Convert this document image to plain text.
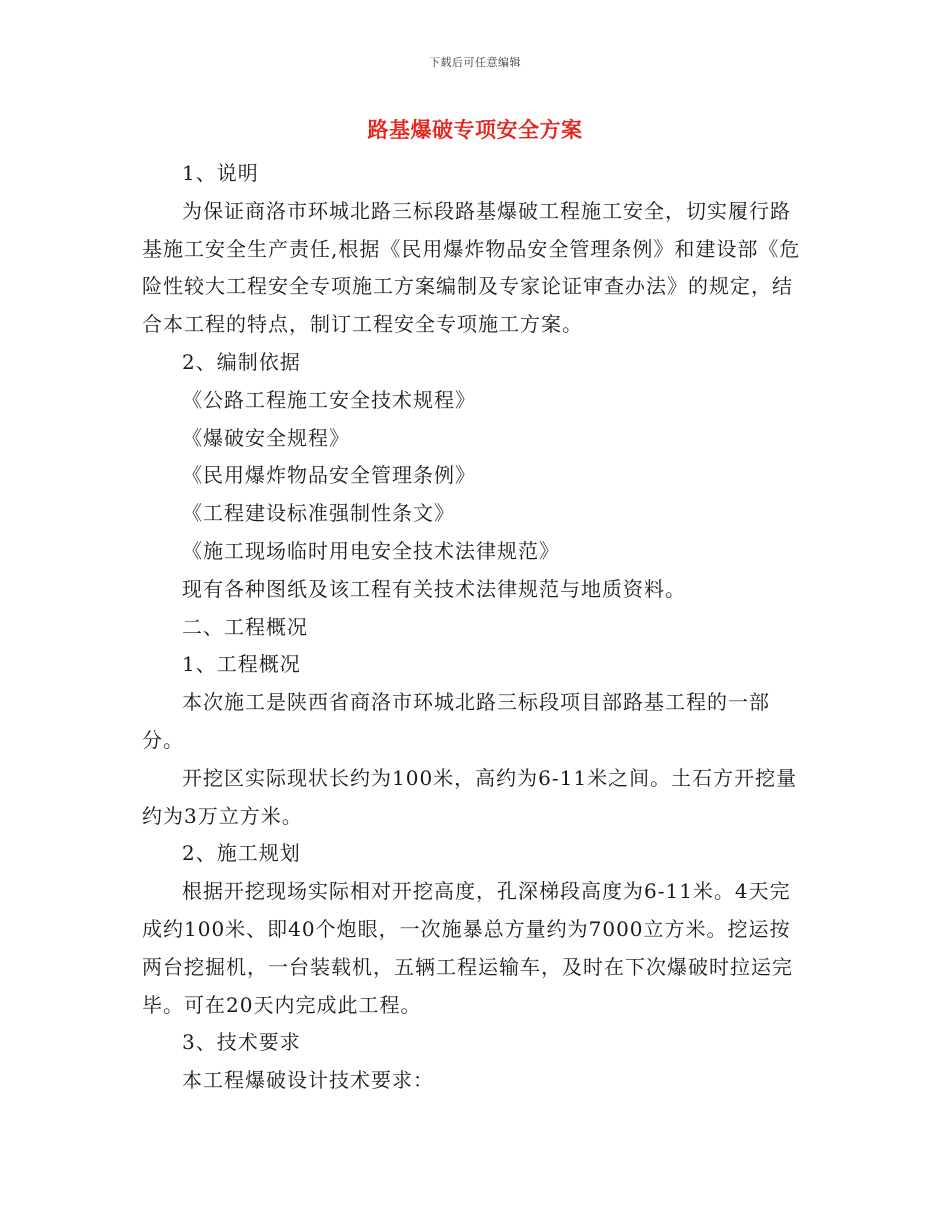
下载后可任意编辑
路基爆破专项安全方案

1、说明

为保证商洛市环城北路三标段路基爆破工程施工安全，切实履行路基施工安全生产责任,根据《民用爆炸物品安全管理条例》和建设部《危险性较大工程安全专项施工方案编制及专家论证审查办法》的规定，结合本工程的特点，制订工程安全专项施工方案。

2、编制依据

《公路工程施工安全技术规程》

《爆破安全规程》

《民用爆炸物品安全管理条例》

《工程建设标准强制性条文》

《施工现场临时用电安全技术法律规范》

现有各种图纸及该工程有关技术法律规范与地质资料。

二、工程概况

1、工程概况

本次施工是陕西省商洛市环城北路三标段项目部路基工程的一部分。

开挖区实际现状长约为100米，高约为6-11米之间。土石方开挖量约为3万立方米。

2、施工规划

根据开挖现场实际相对开挖高度，孔深梯段高度为6-11米。4天完成约100米、即40个炮眼，一次施暴总方量约为7000立方米。挖运按两台挖掘机，一台装载机，五辆工程运输车，及时在下次爆破时拉运完毕。可在20天内完成此工程。

3、技术要求

本工程爆破设计技术要求：
